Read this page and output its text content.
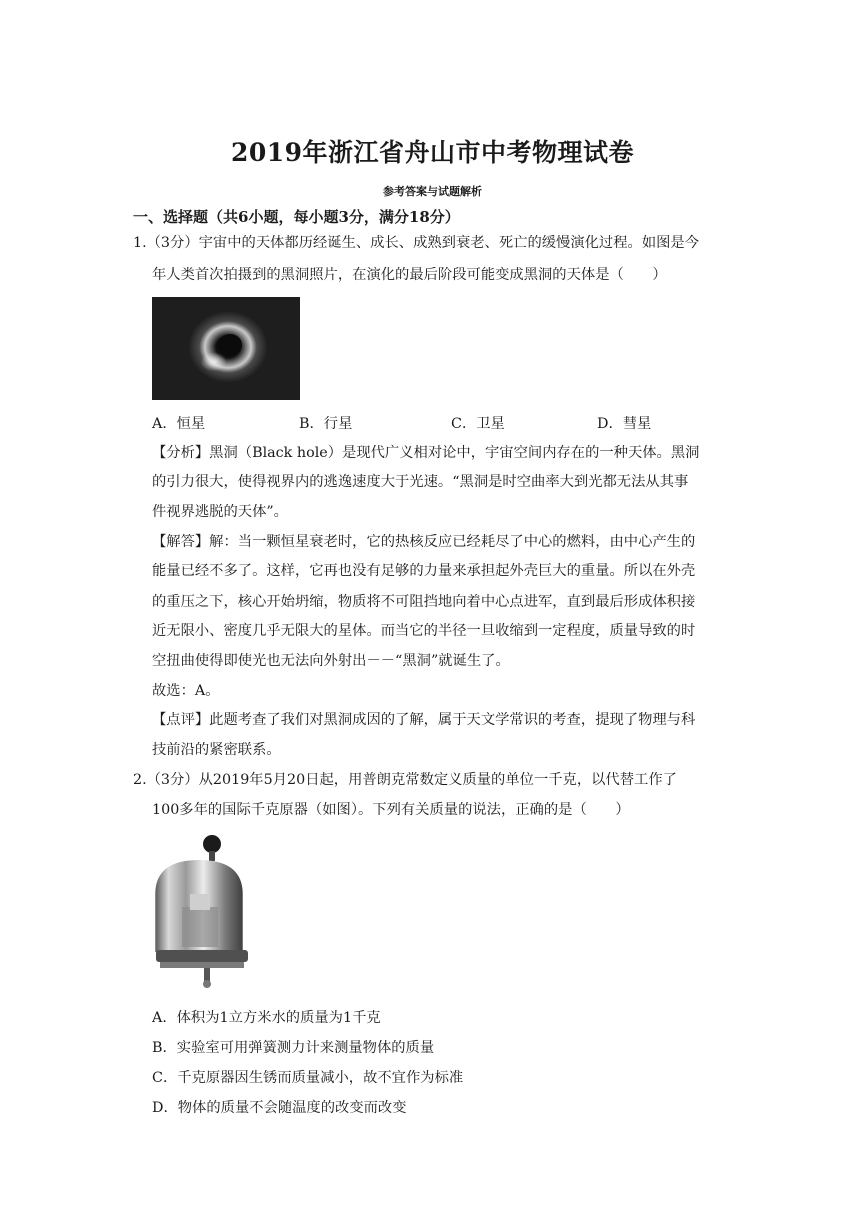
2019年浙江省舟山市中考物理试卷
参考答案与试题解析
一、选择题（共6小题，每小题3分，满分18分）
1.（3分）宇宙中的天体都历经诞生、成长、成熟到衰老、死亡的缓慢演化过程。如图是今
年人类首次拍摄到的黑洞照片，在演化的最后阶段可能变成黑洞的天体是（　　）
A．恒星	B．行星	C．卫星	D．彗星
【分析】黑洞（Black hole）是现代广义相对论中，宇宙空间内存在的一种天体。黑洞
的引力很大，使得视界内的逃逸速度大于光速。“黑洞是时空曲率大到光都无法从其事
件视界逃脱的天体”。
【解答】解：当一颗恒星衰老时，它的热核反应已经耗尽了中心的燃料，由中心产生的
能量已经不多了。这样，它再也没有足够的力量来承担起外壳巨大的重量。所以在外壳
的重压之下，核心开始坍缩，物质将不可阻挡地向着中心点进军，直到最后形成体积接
近无限小、密度几乎无限大的星体。而当它的半径一旦收缩到一定程度，质量导致的时
空扭曲使得即使光也无法向外射出－－“黑洞”就诞生了。
故选：A。
【点评】此题考查了我们对黑洞成因的了解，属于天文学常识的考查，提现了物理与科
技前沿的紧密联系。
2.（3分）从2019年5月20日起，用普朗克常数定义质量的单位一千克，以代替工作了
100多年的国际千克原器（如图）。下列有关质量的说法，正确的是（　　）
A．体积为1立方米水的质量为1千克
B．实验室可用弹簧测力计来测量物体的质量
C．千克原器因生锈而质量减小，故不宜作为标准
D．物体的质量不会随温度的改变而改变
